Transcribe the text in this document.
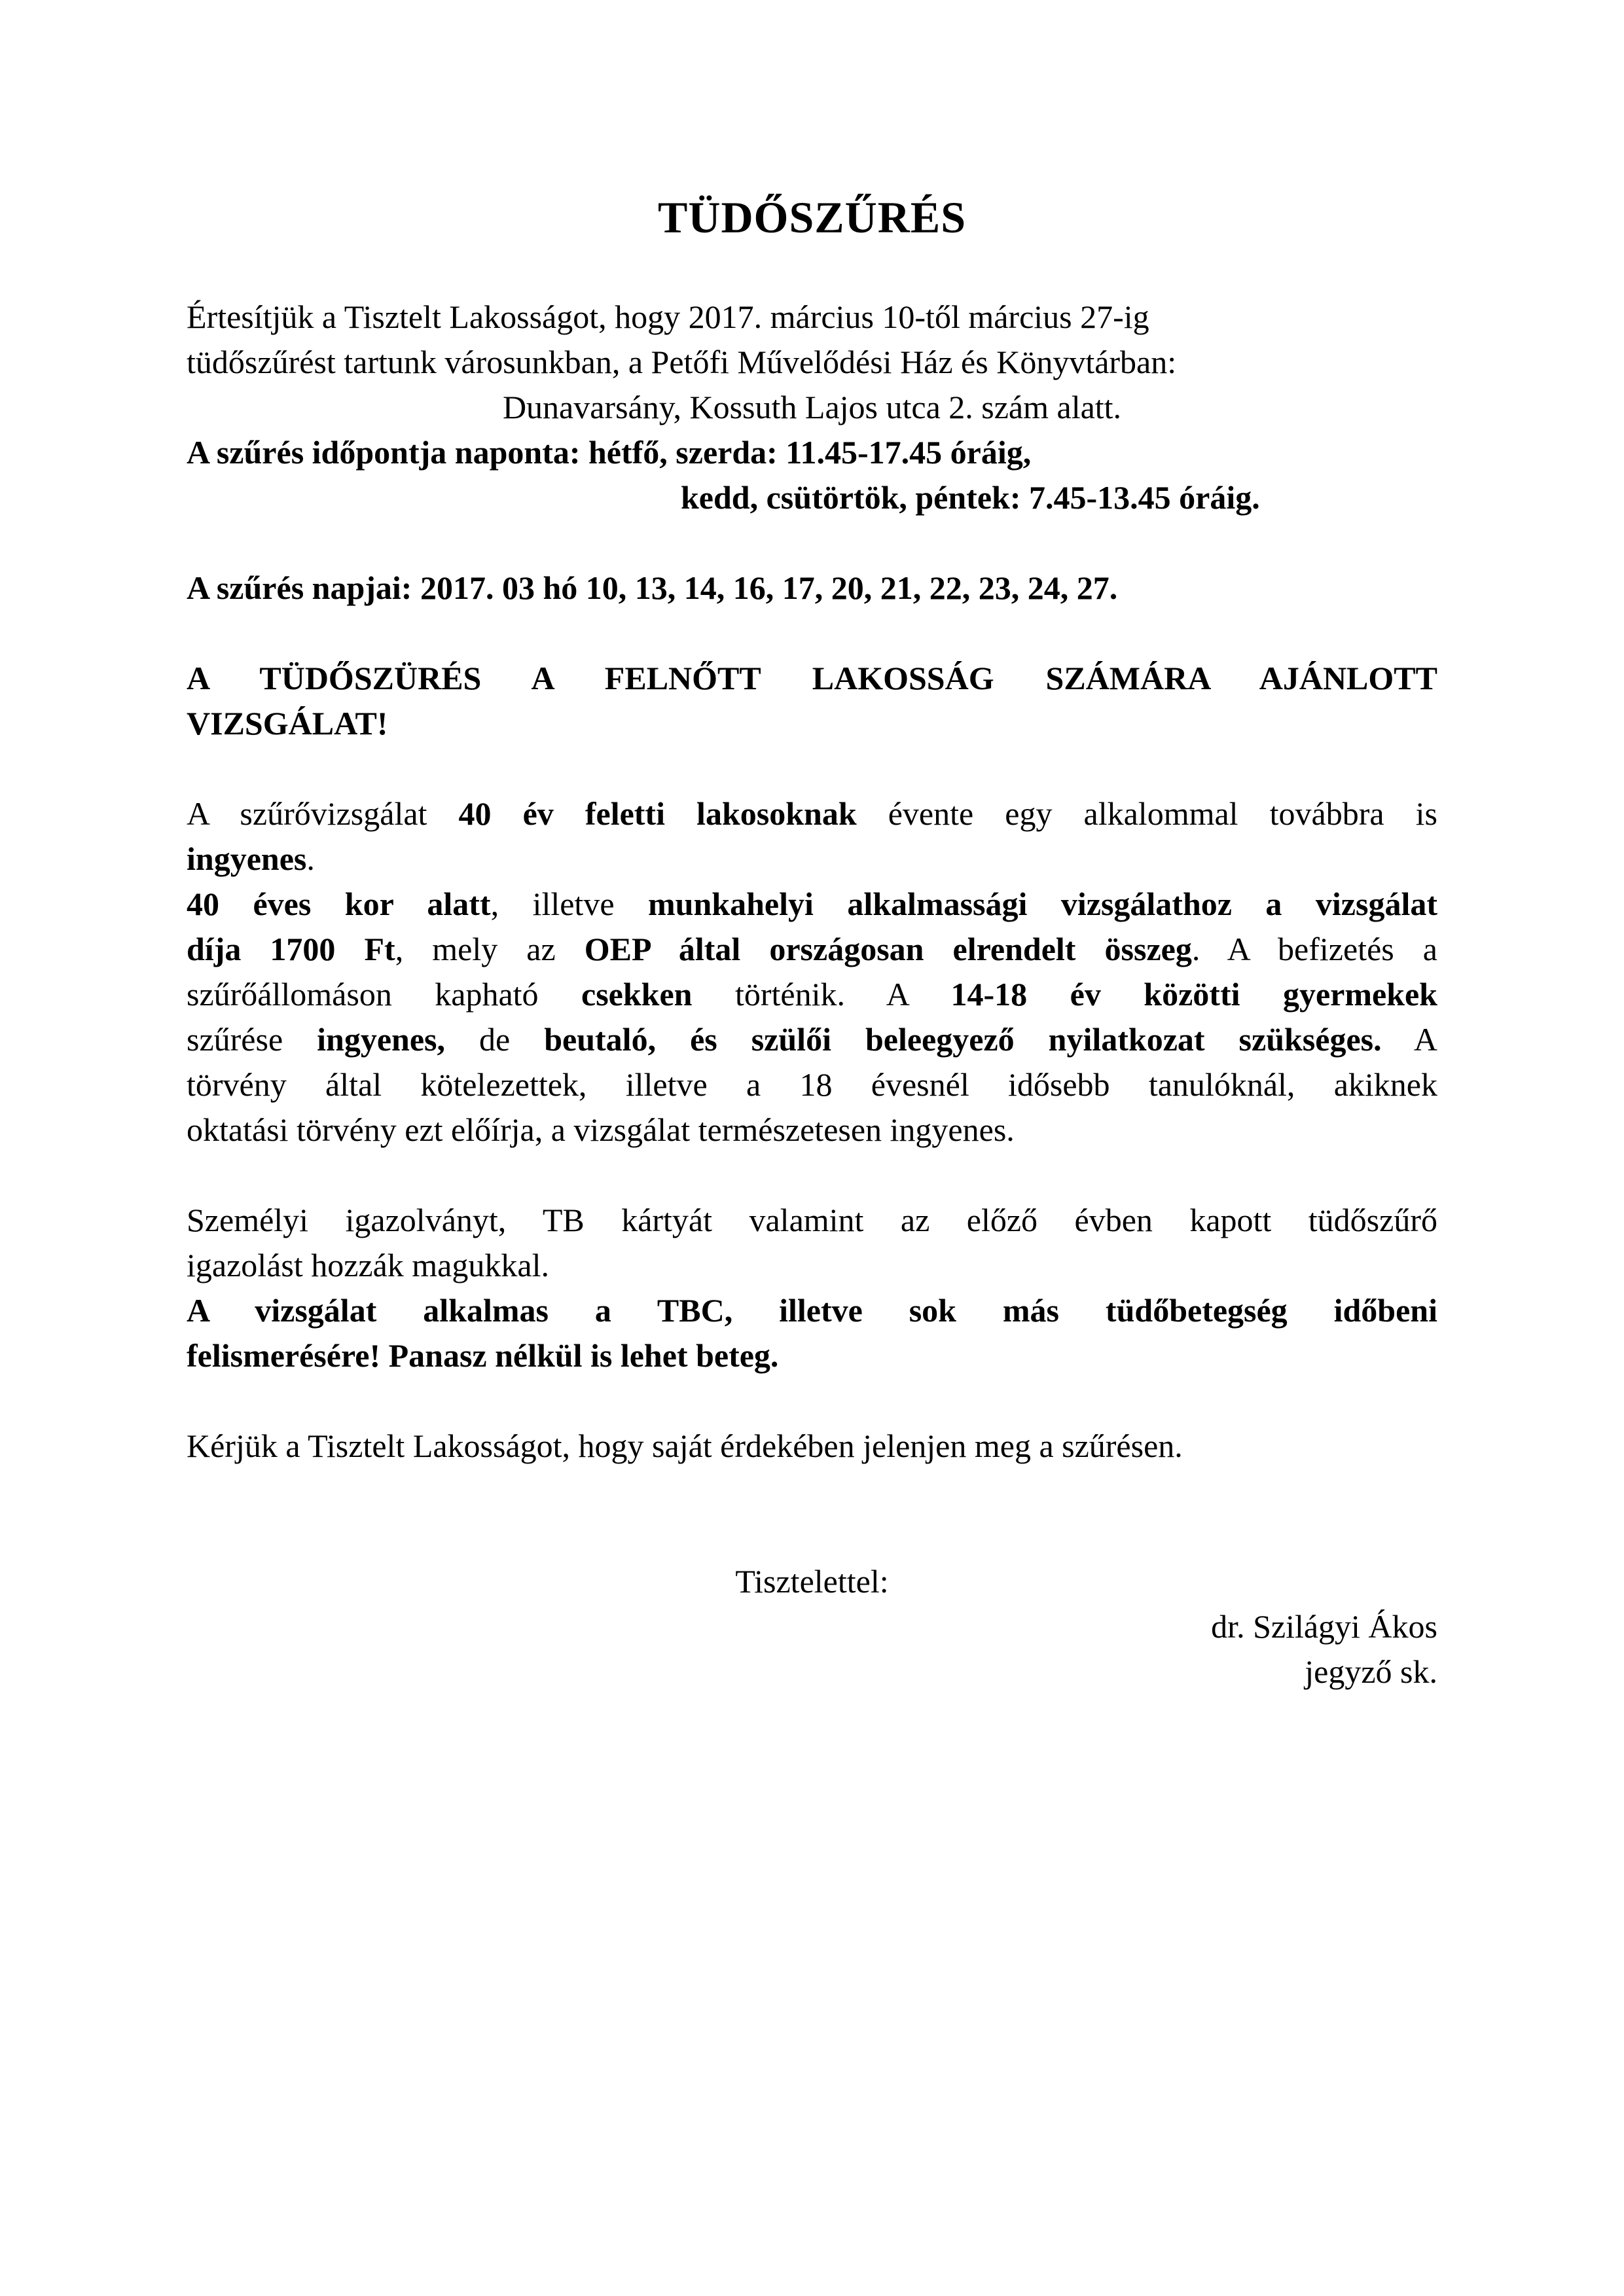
TÜDŐSZŰRÉS
Értesítjük a Tisztelt Lakosságot, hogy 2017. március 10-től március 27-ig
tüdőszűrést tartunk városunkban, a Petőfi Művelődési Ház és Könyvtárban:
Dunavarsány, Kossuth Lajos utca 2. szám alatt.
A szűrés időpontja naponta: hétfő, szerda: 11.45-17.45 óráig,
kedd, csütörtök, péntek: 7.45-13.45 óráig.
A szűrés napjai: 2017. 03 hó 10, 13, 14, 16, 17, 20, 21, 22, 23, 24, 27.
A TÜDŐSZÜRÉS A FELNŐTT LAKOSSÁG SZÁMÁRA AJÁNLOTT
VIZSGÁLAT!
A szűrővizsgálat 40 év feletti lakosoknak évente egy alkalommal továbbra is
ingyenes.
40 éves kor alatt, illetve munkahelyi alkalmassági vizsgálathoz a vizsgálat
díja 1700 Ft, mely az OEP által országosan elrendelt összeg. A befizetés a
szűrőállomáson kapható csekken történik. A 14-18 év közötti gyermekek
szűrése ingyenes, de beutaló, és szülői beleegyező nyilatkozat szükséges. A
törvény által kötelezettek, illetve a 18 évesnél idősebb tanulóknál, akiknek
oktatási törvény ezt előírja, a vizsgálat természetesen ingyenes.
Személyi igazolványt, TB kártyát valamint az előző évben kapott tüdőszűrő
igazolást hozzák magukkal.
A vizsgálat alkalmas a TBC, illetve sok más tüdőbetegség időbeni
felismerésére! Panasz nélkül is lehet beteg.
Kérjük a Tisztelt Lakosságot, hogy saját érdekében jelenjen meg a szűrésen.
Tisztelettel:
dr. Szilágyi Ákos
jegyző sk.
